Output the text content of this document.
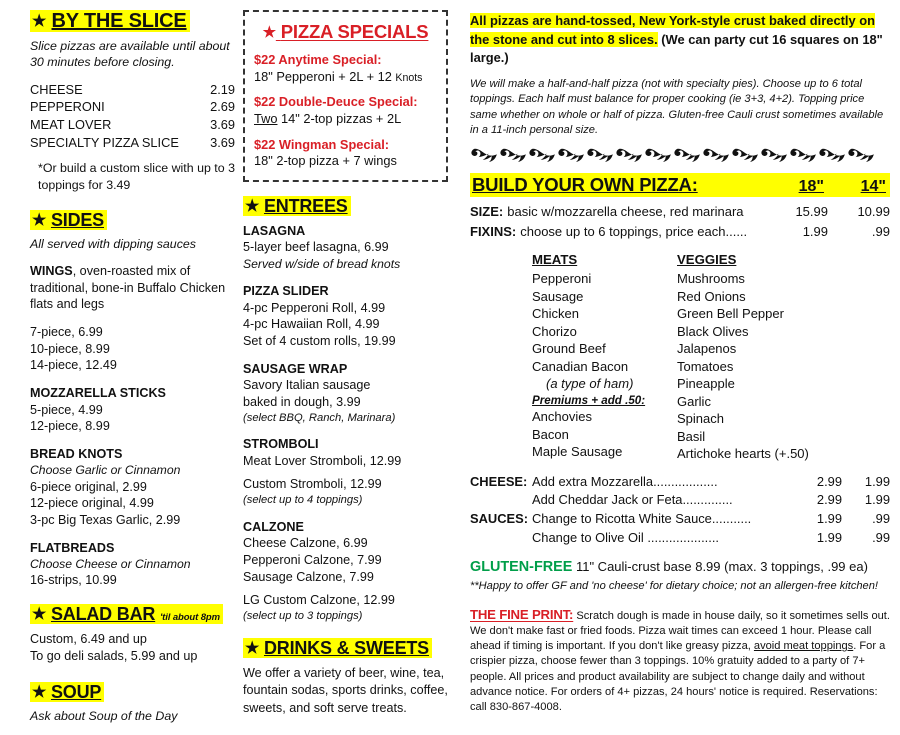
★ BY THE SLICE

Slice pizzas are available until about 30 minutes before closing.

CHEESE	2.19
PEPPERONI	2.69
MEAT LOVER	3.69
SPECIALTY PIZZA SLICE	3.69

*Or build a custom slice with up to 3 toppings for 3.49

★ SIDES

All served with dipping sauces

WINGS, oven-roasted mix of traditional, bone-in Buffalo Chicken flats and legs

7-piece, 6.99

10-piece, 8.99

14-piece, 12.49

MOZZARELLA STICKS

5-piece, 4.99

12-piece, 8.99

BREAD KNOTS

Choose Garlic or Cinnamon

6-piece original, 2.99

12-piece original, 4.99

3-pc Big Texas Garlic, 2.99

FLATBREADS

Choose Cheese or Cinnamon

16-strips, 10.99

★ SALAD BAR 'til about 8pm

Custom, 6.49 and up

To go deli salads, 5.99 and up

★ SOUP

Ask about Soup of the Day

★ PIZZA SPECIALS

$22 Anytime Special:

18" Pepperoni + 2L + 12 Knots

$22 Double-Deuce Special:

Two 14" 2-top pizzas + 2L

$22 Wingman Special:

18" 2-top pizza + 7 wings

★ ENTREES

LASAGNA

5-layer beef lasagna, 6.99

Served w/side of bread knots

PIZZA SLIDER

4-pc Pepperoni Roll, 4.99

4-pc Hawaiian Roll, 4.99

Set of 4 custom rolls, 19.99

SAUSAGE WRAP

Savory Italian sausage

baked in dough, 3.99

(select BBQ, Ranch, Marinara)

STROMBOLI

Meat Lover Stromboli, 12.99

Custom Stromboli, 12.99

(select up to 4 toppings)

CALZONE

Cheese Calzone, 6.99

Pepperoni Calzone, 7.99

Sausage Calzone, 7.99

LG Custom Calzone, 12.99

(select up to 3 toppings)

★ DRINKS & SWEETS

We offer a variety of beer, wine, tea, fountain sodas, sports drinks, coffee, sweets, and soft serve treats.

All pizzas are hand-tossed, New York-style crust baked directly on the stone and cut into 8 slices. (We can party cut 16 squares on 18" large.)

We will make a half-and-half pizza (not with specialty pies). Choose up to 6 total toppings. Each half must balance for proper cooking (ie 3+3, 4+2). Topping price same whether on whole or half of pizza. Gluten-free Cauli crust sometimes available in a 11-inch personal size.

BUILD YOUR OWN PIZZA:	18"	14"
SIZE: basic w/mozzarella cheese, red marinara	15.99	10.99
FIXINS: choose up to 6 toppings, price each......	1.99	.99
MEATS

Pepperoni

Sausage

Chicken

Chorizo

Ground Beef

Canadian Bacon

(a type of ham)

Premiums + add .50:

Anchovies

Bacon

Maple Sausage

VEGGIES

Mushrooms

Red Onions

Green Bell Pepper

Black Olives

Jalapenos

Tomatoes

Pineapple

Garlic

Spinach

Basil

Artichoke hearts (+.50)

CHEESE: Add extra Mozzarella..................	2.99	1.99
Add Cheddar Jack or Feta..............	2.99	1.99
SAUCES: Change to Ricotta White Sauce...........	1.99	.99
Change to Olive Oil ....................	1.99	.99
GLUTEN-FREE 11" Cauli-crust base 8.99 (max. 3 toppings, .99 ea)
**Happy to offer GF and 'no cheese' for dietary choice; not an allergen-free kitchen!

THE FINE PRINT: Scratch dough is made in house daily, so it sometimes sells out. We don't make fast or fried foods. Pizza wait times can exceed 1 hour. Please call ahead if timing is important. If you don't like greasy pizza, avoid meat toppings. For a crispier pizza, choose fewer than 3 toppings. 10% gratuity added to a party of 7+ people. All prices and product availability are subject to change daily and without advance notice. For orders of 4+ pizzas, 24 hours' notice is required. Reservations: call 830-867-4008.
